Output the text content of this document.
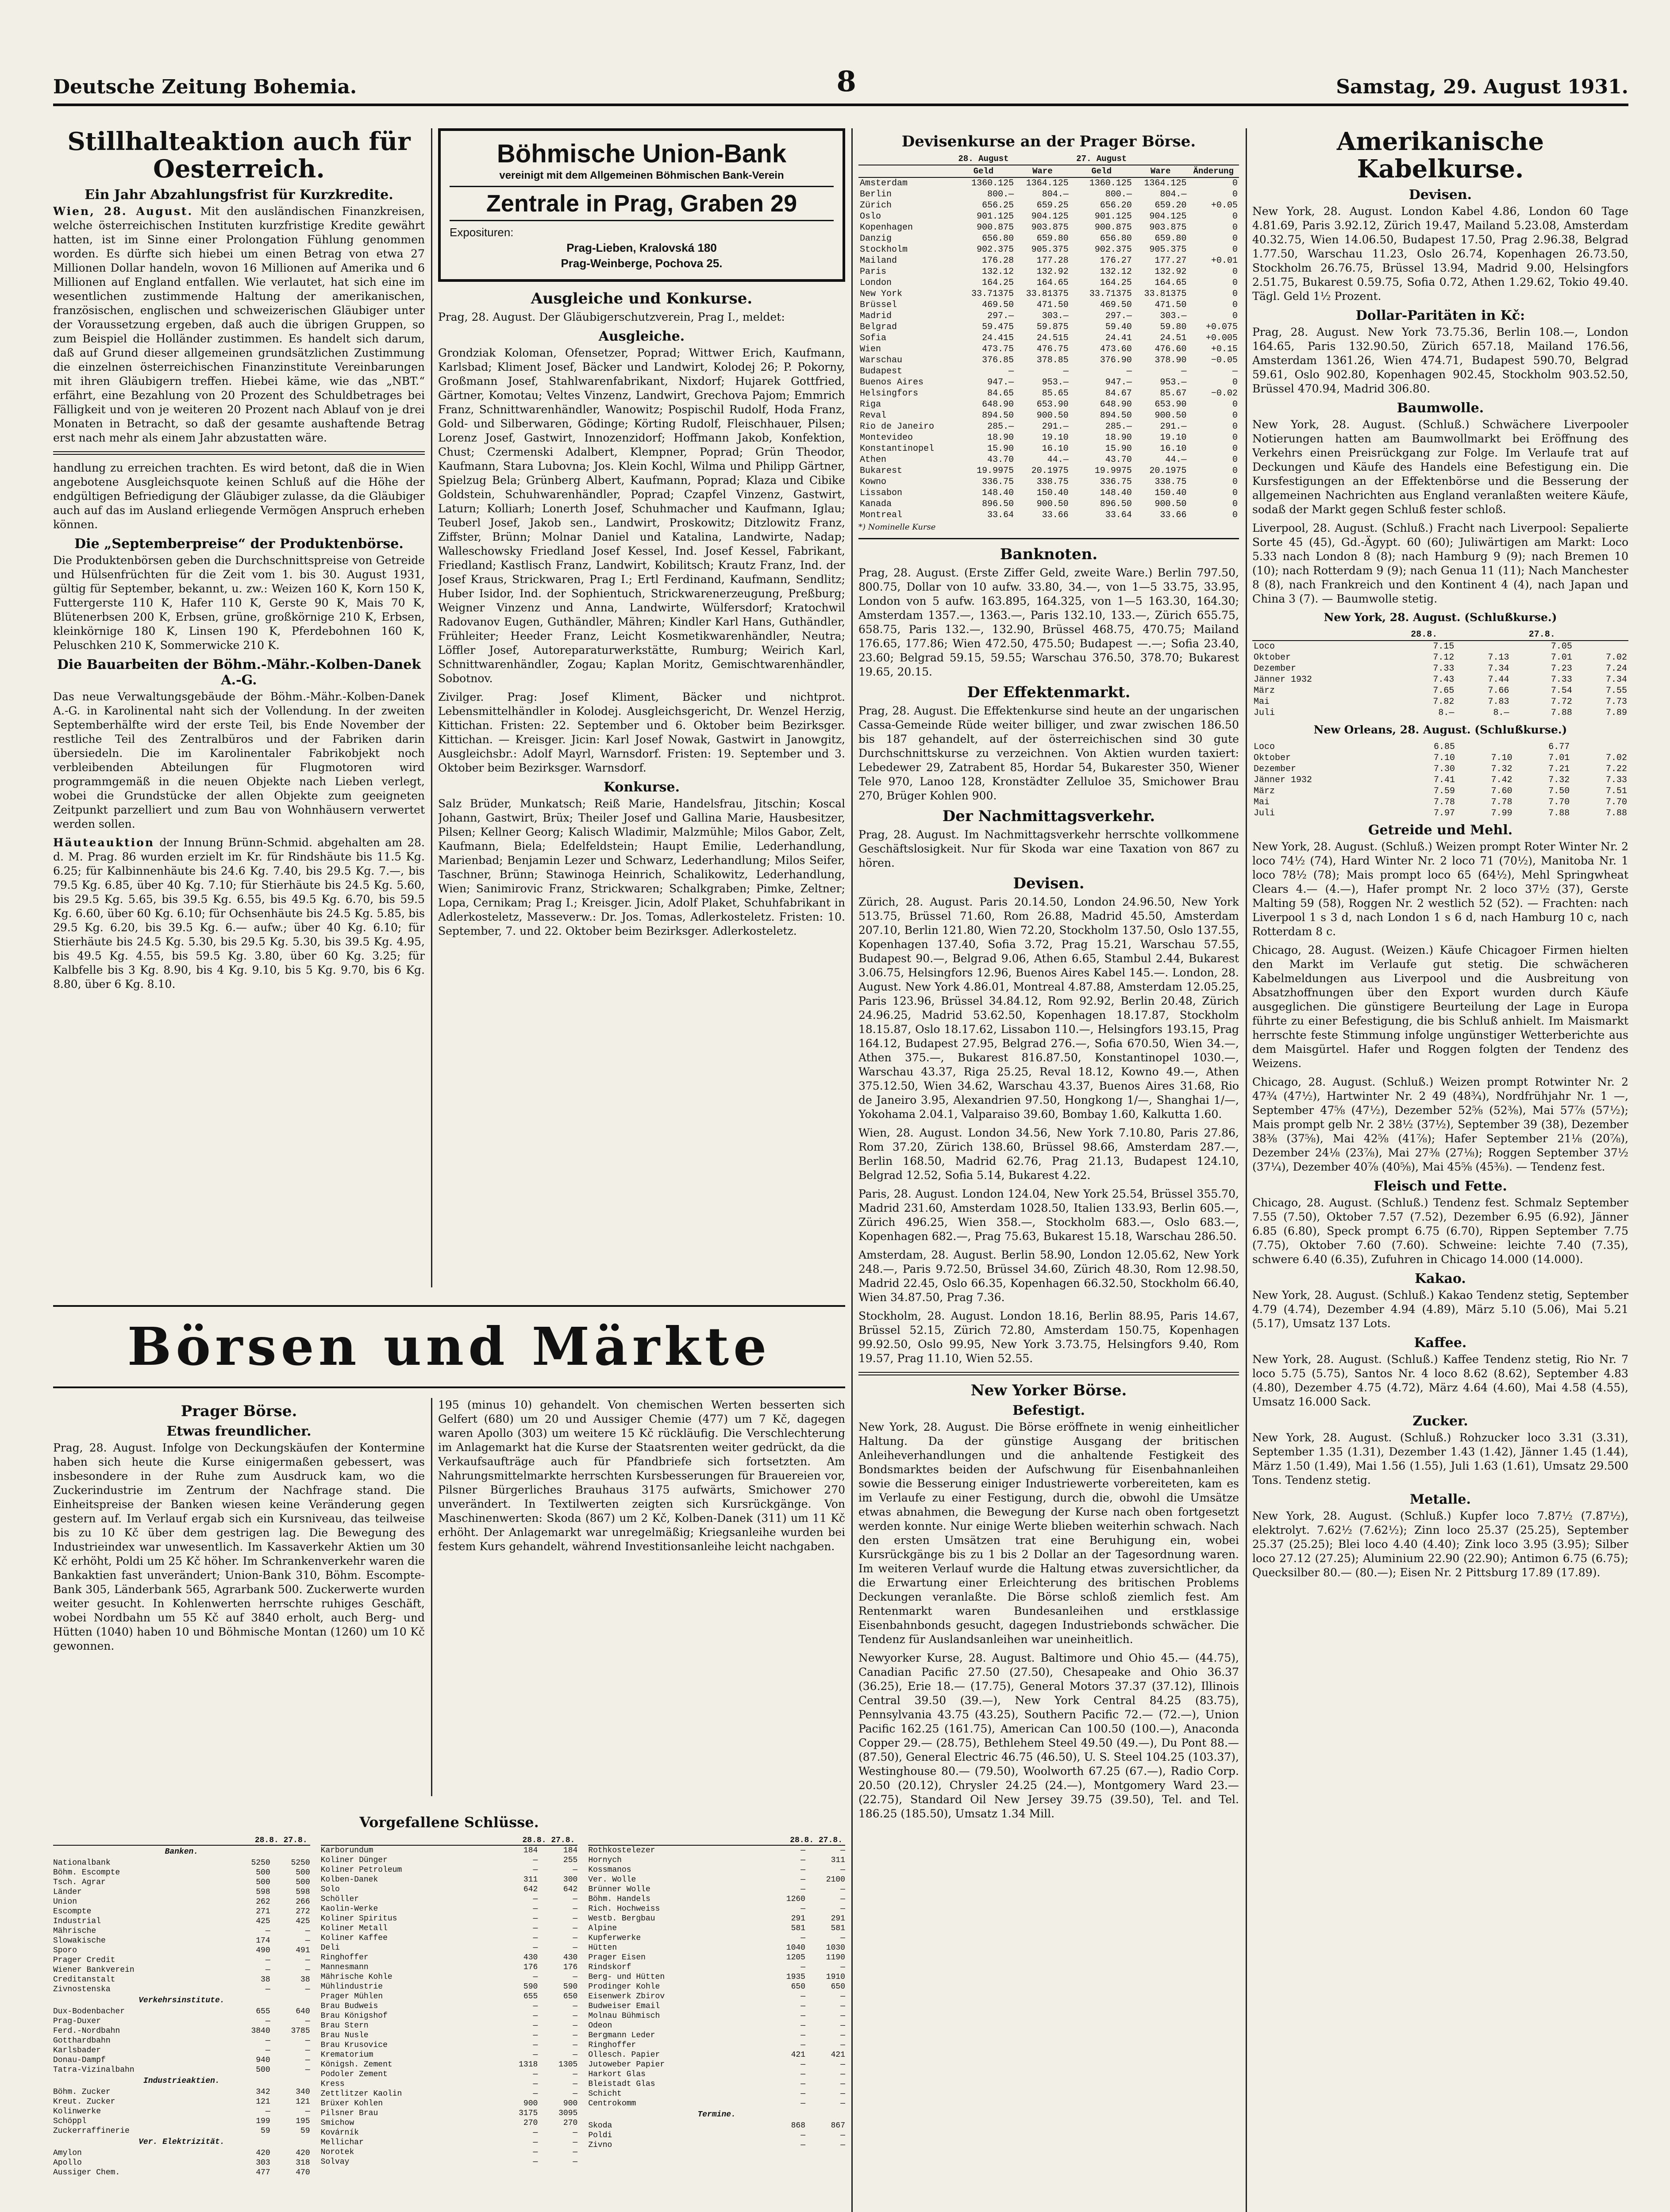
Deutsche Zeitung Bohemia.	8	Samstag, 29. August 1931.
Stillhalteaktion auch für Oesterreich.
Ein Jahr Abzahlungsfrist für Kurzkredite.

Wien, 28. August. Mit den ausländischen Finanzkreisen, welche österreichischen Instituten kurzfristige Kredite gewährt hatten, ist im Sinne einer Prolongation Fühlung genommen worden. Es dürfte sich hiebei um einen Betrag von etwa 27 Millionen Dollar handeln, wovon 16 Millionen auf Amerika und 6 Millionen auf England entfallen. Wie verlautet, hat sich eine im wesentlichen zustimmende Haltung der amerikanischen, französischen, englischen und schweizerischen Gläubiger unter der Voraussetzung ergeben, daß auch die übrigen Gruppen, so zum Beispiel die Holländer zustimmen. Es handelt sich darum, daß auf Grund dieser allgemeinen grundsätzlichen Zustimmung die einzelnen österreichischen Finanzinstitute Vereinbarungen mit ihren Gläubigern treffen. Hiebei käme, wie das „NBT.“ erfährt, eine Bezahlung von 20 Prozent des Schuldbetrages bei Fälligkeit und von je weiteren 20 Prozent nach Ablauf von je drei Monaten in Betracht, so daß der gesamte aushaftende Betrag erst nach mehr als einem Jahr abzustatten wäre.

handlung zu erreichen trachten. Es wird betont, daß die in Wien angebotene Ausgleichsquote keinen Schluß auf die Höhe der endgültigen Befriedigung der Gläubiger zulasse, da die Gläubiger auch auf das im Ausland erliegende Vermögen Anspruch erheben können.

Die „Septemberpreise“ der Produktenbörse.

Die Produktenbörsen geben die Durchschnittspreise von Getreide und Hülsenfrüchten für die Zeit vom 1. bis 30. August 1931, gültig für September, bekannt, u. zw.: Weizen 160 K, Korn 150 K, Futtergerste 110 K, Hafer 110 K, Gerste 90 K, Mais 70 K, Blütenerbsen 200 K, Erbsen, grüne, großkörnige 210 K, Erbsen, kleinkörnige 180 K, Linsen 190 K, Pferdebohnen 160 K, Peluschken 210 K, Sommerwicke 210 K.

Die Bauarbeiten der Böhm.-Mähr.-Kolben-Danek A.-G.

Das neue Verwaltungsgebäude der Böhm.-Mähr.-Kolben-Danek A.-G. in Karolinental naht sich der Vollendung. In der zweiten Septemberhälfte wird der erste Teil, bis Ende November der restliche Teil des Zentralbüros und der Fabriken darin übersiedeln. Die im Karolinentaler Fabrikobjekt noch verbleibenden Abteilungen für Flugmotoren wird programmgemäß in die neuen Objekte nach Lieben verlegt, wobei die Grundstücke der allen Objekte zum geeigneten Zeitpunkt parzelliert und zum Bau von Wohnhäusern verwertet werden sollen.

Häuteauktion der Innung Brünn-Schmid. abgehalten am 28. d. M. Prag. 86 wurden erzielt im Kr. für Rindshäute bis 11.5 Kg. 6.25; für Kalbinnenhäute bis 24.6 Kg. 7.40, bis 29.5 Kg. 7.—, bis 79.5 Kg. 6.85, über 40 Kg. 7.10; für Stierhäute bis 24.5 Kg. 5.60, bis 29.5 Kg. 5.65, bis 39.5 Kg. 6.55, bis 49.5 Kg. 6.70, bis 59.5 Kg. 6.60, über 60 Kg. 6.10; für Ochsenhäute bis 24.5 Kg. 5.85, bis 29.5 Kg. 6.20, bis 39.5 Kg. 6.— aufw.; über 40 Kg. 6.10; für Stierhäute bis 24.5 Kg. 5.30, bis 29.5 Kg. 5.30, bis 39.5 Kg. 4.95, bis 49.5 Kg. 4.55, bis 59.5 Kg. 3.80, über 60 Kg. 3.25; für Kalbfelle bis 3 Kg. 8.90, bis 4 Kg. 9.10, bis 5 Kg. 9.70, bis 6 Kg. 8.80, über 6 Kg. 8.10.

Böhmische Union-Bank
vereinigt mit dem Allgemeinen Böhmischen Bank-Verein
Zentrale in Prag, Graben 29
Exposituren:
Prag-Lieben, Kralovská 180
Prag-Weinberge, Pochova 25.
Ausgleiche und Konkurse.

Prag, 28. August. Der Gläubigerschutzverein, Prag I., meldet:

Ausgleiche.

Grondziak Koloman, Ofensetzer, Poprad; Wittwer Erich, Kaufmann, Karlsbad; Kliment Josef, Bäcker und Landwirt, Kolodej 26; P. Pokorny, Großmann Josef, Stahlwarenfabrikant, Nixdorf; Hujarek Gottfried, Gärtner, Komotau; Veltes Vinzenz, Landwirt, Grechova Pajom; Emmrich Franz, Schnittwarenhändler, Wanowitz; Pospischil Rudolf, Hoda Franz, Gold- und Silberwaren, Gödinge; Körting Rudolf, Fleischhauer, Pilsen; Lorenz Josef, Gastwirt, Innozenzidorf; Hoffmann Jakob, Konfektion, Chust; Czermenski Adalbert, Klempner, Poprad; Grün Theodor, Kaufmann, Stara Lubovna; Jos. Klein Kochl, Wilma und Philipp Gärtner, Spielzug Bela; Grünberg Albert, Kaufmann, Poprad; Klaza und Cibike Goldstein, Schuhwarenhändler, Poprad; Czapfel Vinzenz, Gastwirt, Laturn; Kolliarh; Lonerth Josef, Schuhmacher und Kaufmann, Iglau; Teuberl Josef, Jakob sen., Landwirt, Proskowitz; Ditzlowitz Franz, Ziffster, Brünn; Molnar Daniel und Katalina, Landwirte, Nadap; Walleschowsky Friedland Josef Kessel, Ind. Josef Kessel, Fabrikant, Friedland; Kastlisch Franz, Landwirt, Kobilitsch; Krautz Franz, Ind. der Josef Kraus, Strickwaren, Prag I.; Ertl Ferdinand, Kaufmann, Sendlitz; Huber Isidor, Ind. der Sophientuch, Strickwarenerzeugung, Preßburg; Weigner Vinzenz und Anna, Landwirte, Wülfersdorf; Kratochwil Radovanov Eugen, Guthändler, Mähren; Kindler Karl Hans, Guthändler, Frühleiter; Heeder Franz, Leicht Kosmetikwarenhändler, Neutra; Löffler Josef, Autoreparaturwerkstätte, Rumburg; Weirich Karl, Schnittwarenhändler, Zogau; Kaplan Moritz, Gemischtwarenhändler, Sobotnov.

Zivilger. Prag: Josef Kliment, Bäcker und nichtprot. Lebensmittelhändler in Kolodej. Ausgleichsgericht, Dr. Wenzel Herzig, Kittichan. Fristen: 22. September und 6. Oktober beim Bezirksger. Kittichan. — Kreisger. Jicin: Karl Josef Nowak, Gastwirt in Janowgitz, Ausgleichsbr.: Adolf Mayrl, Warnsdorf. Fristen: 19. September und 3. Oktober beim Bezirksger. Warnsdorf.

Konkurse.

Salz Brüder, Munkatsch; Reiß Marie, Handelsfrau, Jitschin; Koscal Johann, Gastwirt, Brüx; Theiler Josef und Gallina Marie, Hausbesitzer, Pilsen; Kellner Georg; Kalisch Wladimir, Malzmühle; Milos Gabor, Zelt, Kaufmann, Biela; Edelfeldstein; Haupt Emilie, Lederhandlung, Marienbad; Benjamin Lezer und Schwarz, Lederhandlung; Milos Seifer, Taschner, Brünn; Stawinoga Heinrich, Schalikowitz, Lederhandlung, Wien; Sanimirovic Franz, Strickwaren; Schalkgraben; Pimke, Zeltner; Lopa, Cernikam; Prag I.; Kreisger. Jicin, Adolf Plaket, Schuhfabrikant in Adlerkosteletz, Masseverw.: Dr. Jos. Tomas, Adlerkosteletz. Fristen: 10. September, 7. und 22. Oktober beim Bezirksger. Adlerkosteletz.

Devisenkurse an der Prager Börse.
	28. August		27. August		
	Geld	Ware	Geld	Ware	Änderung
Amsterdam	1360.125	1364.125	1360.125	1364.125	0
Berlin	800.—	804.—	800.—	804.—	0
Zürich	656.25	659.25	656.20	659.20	+0.05
Oslo	901.125	904.125	901.125	904.125	0
Kopenhagen	900.875	903.875	900.875	903.875	0
Danzig	656.80	659.80	656.80	659.80	0
Stockholm	902.375	905.375	902.375	905.375	0
Mailand	176.28	177.28	176.27	177.27	+0.01
Paris	132.12	132.92	132.12	132.92	0
London	164.25	164.65	164.25	164.65	0
New York	33.71375	33.81375	33.71375	33.81375	0
Brüssel	469.50	471.50	469.50	471.50	0
Madrid	297.—	303.—	297.—	303.—	0
Belgrad	59.475	59.875	59.40	59.80	+0.075
Sofia	24.415	24.515	24.41	24.51	+0.005
Wien	473.75	476.75	473.60	476.60	+0.15
Warschau	376.85	378.85	376.90	378.90	−0.05
Budapest	—	—	—	—	—
Buenos Aires	947.—	953.—	947.—	953.—	0
Helsingfors	84.65	85.65	84.67	85.67	−0.02
Riga	648.90	653.90	648.90	653.90	0
Reval	894.50	900.50	894.50	900.50	0
Rio de Janeiro	285.—	291.—	285.—	291.—	0
Montevideo	18.90	19.10	18.90	19.10	0
Konstantinopel	15.90	16.10	15.90	16.10	0
Athen	43.70	44.—	43.70	44.—	0
Bukarest	19.9975	20.1975	19.9975	20.1975	0
Kowno	336.75	338.75	336.75	338.75	0
Lissabon	148.40	150.40	148.40	150.40	0
Kanada	896.50	900.50	896.50	900.50	0
Montreal	33.64	33.66	33.64	33.66	0
*) Nominelle Kurse
Banknoten.

Prag, 28. August. (Erste Ziffer Geld, zweite Ware.) Berlin 797.50, 800.75, Dollar von 10 aufw. 33.80, 34.—, von 1—5 33.75, 33.95, London von 5 aufw. 163.895, 164.325, von 1—5 163.30, 164.30; Amsterdam 1357.—, 1363.—, Paris 132.10, 133.—, Zürich 655.75, 658.75, Paris 132.—, 132.90, Brüssel 468.75, 470.75; Mailand 176.65, 177.86; Wien 472.50, 475.50; Budapest —.—; Sofia 23.40, 23.60; Belgrad 59.15, 59.55; Warschau 376.50, 378.70; Bukarest 19.65, 20.15.

Der Effektenmarkt.

Prag, 28. August. Die Effektenkurse sind heute an der ungarischen Cassa-Gemeinde Rüde weiter billiger, und zwar zwischen 186.50 bis 187 gehandelt, auf der österreichischen sind 30 gute Durchschnittskurse zu verzeichnen. Von Aktien wurden taxiert: Lebedewer 29, Zatrabent 85, Hordar 54, Bukarester 350, Wiener Tele 970, Lanoo 128, Kronstädter Zelluloe 35, Smichower Brau 270, Brüger Kohlen 900.

Der Nachmittagsverkehr.

Prag, 28. August. Im Nachmittagsverkehr herrschte vollkommene Geschäftslosigkeit. Nur für Skoda war eine Taxation von 867 zu hören.

Devisen.

Zürich, 28. August. Paris 20.14.50, London 24.96.50, New York 513.75, Brüssel 71.60, Rom 26.88, Madrid 45.50, Amsterdam 207.10, Berlin 121.80, Wien 72.20, Stockholm 137.50, Oslo 137.55, Kopenhagen 137.40, Sofia 3.72, Prag 15.21, Warschau 57.55, Budapest 90.—, Belgrad 9.06, Athen 6.65, Stambul 2.44, Bukarest 3.06.75, Helsingfors 12.96, Buenos Aires Kabel 145.—. London, 28. August. New York 4.86.01, Montreal 4.87.88, Amsterdam 12.05.25, Paris 123.96, Brüssel 34.84.12, Rom 92.92, Berlin 20.48, Zürich 24.96.25, Madrid 53.62.50, Kopenhagen 18.17.87, Stockholm 18.15.87, Oslo 18.17.62, Lissabon 110.—, Helsingfors 193.15, Prag 164.12, Budapest 27.95, Belgrad 276.—, Sofia 670.50, Wien 34.—, Athen 375.—, Bukarest 816.87.50, Konstantinopel 1030.—, Warschau 43.37, Riga 25.25, Reval 18.12, Kowno 49.—, Athen 375.12.50, Wien 34.62, Warschau 43.37, Buenos Aires 31.68, Rio de Janeiro 3.95, Alexandrien 97.50, Hongkong 1/—, Shanghai 1/—, Yokohama 2.04.1, Valparaiso 39.60, Bombay 1.60, Kalkutta 1.60.

Wien, 28. August. London 34.56, New York 7.10.80, Paris 27.86, Rom 37.20, Zürich 138.60, Brüssel 98.66, Amsterdam 287.—, Berlin 168.50, Madrid 62.76, Prag 21.13, Budapest 124.10, Belgrad 12.52, Sofia 5.14, Bukarest 4.22.

Paris, 28. August. London 124.04, New York 25.54, Brüssel 355.70, Madrid 231.60, Amsterdam 1028.50, Italien 133.93, Berlin 605.—, Zürich 496.25, Wien 358.—, Stockholm 683.—, Oslo 683.—, Kopenhagen 682.—, Prag 75.63, Bukarest 15.18, Warschau 286.50.

Amsterdam, 28. August. Berlin 58.90, London 12.05.62, New York 248.—, Paris 9.72.50, Brüssel 34.60, Zürich 48.30, Rom 12.98.50, Madrid 22.45, Oslo 66.35, Kopenhagen 66.32.50, Stockholm 66.40, Wien 34.87.50, Prag 7.36.

Stockholm, 28. August. London 18.16, Berlin 88.95, Paris 14.67, Brüssel 52.15, Zürich 72.80, Amsterdam 150.75, Kopenhagen 99.92.50, Oslo 99.95, New York 3.73.75, Helsingfors 9.40, Rom 19.57, Prag 11.10, Wien 52.55.

New Yorker Börse.
Befestigt.

New York, 28. August. Die Börse eröffnete in wenig einheitlicher Haltung. Da der günstige Ausgang der britischen Anleiheverhandlungen und die anhaltende Festigkeit des Bondsmarktes beiden der Aufschwung für Eisenbahnanleihen sowie die Besserung einiger Industriewerte vorbereiteten, kam es im Verlaufe zu einer Festigung, durch die, obwohl die Umsätze etwas abnahmen, die Bewegung der Kurse nach oben fortgesetzt werden konnte. Nur einige Werte blieben weiterhin schwach. Nach den ersten Umsätzen trat eine Beruhigung ein, wobei Kursrückgänge bis zu 1 bis 2 Dollar an der Tagesordnung waren. Im weiteren Verlauf wurde die Haltung etwas zuversichtlicher, da die Erwartung einer Erleichterung des britischen Problems Deckungen veranlaßte. Die Börse schloß ziemlich fest. Am Rentenmarkt waren Bundesanleihen und erstklassige Eisenbahnbonds gesucht, dagegen Industriebonds schwächer. Die Tendenz für Auslandsanleihen war uneinheitlich.

Newyorker Kurse, 28. August. Baltimore und Ohio 45.— (44.75), Canadian Pacific 27.50 (27.50), Chesapeake and Ohio 36.37 (36.25), Erie 18.— (17.75), General Motors 37.37 (37.12), Illinois Central 39.50 (39.—), New York Central 84.25 (83.75), Pennsylvania 43.75 (43.25), Southern Pacific 72.— (72.—), Union Pacific 162.25 (161.75), American Can 100.50 (100.—), Anaconda Copper 29.— (28.75), Bethlehem Steel 49.50 (49.—), Du Pont 88.— (87.50), General Electric 46.75 (46.50), U. S. Steel 104.25 (103.37), Westinghouse 80.— (79.50), Woolworth 67.25 (67.—), Radio Corp. 20.50 (20.12), Chrysler 24.25 (24.—), Montgomery Ward 23.— (22.75), Standard Oil New Jersey 39.75 (39.50), Tel. and Tel. 186.25 (185.50), Umsatz 1.34 Mill.

Amerikanische Kabelkurse.
Devisen.

New York, 28. August. London Kabel 4.86, London 60 Tage 4.81.69, Paris 3.92.12, Zürich 19.47, Mailand 5.23.08, Amsterdam 40.32.75, Wien 14.06.50, Budapest 17.50, Prag 2.96.38, Belgrad 1.77.50, Warschau 11.23, Oslo 26.74, Kopenhagen 26.73.50, Stockholm 26.76.75, Brüssel 13.94, Madrid 9.00, Helsingfors 2.51.75, Bukarest 0.59.75, Sofia 0.72, Athen 1.29.62, Tokio 49.40. Tägl. Geld 1½ Prozent.

Dollar-Paritäten in Kč:

Prag, 28. August. New York 73.75.36, Berlin 108.—, London 164.65, Paris 132.90.50, Zürich 657.18, Mailand 176.56, Amsterdam 1361.26, Wien 474.71, Budapest 590.70, Belgrad 59.61, Oslo 902.80, Kopenhagen 902.45, Stockholm 903.52.50, Brüssel 470.94, Madrid 306.80.

Baumwolle.

New York, 28. August. (Schluß.) Schwächere Liverpooler Notierungen hatten am Baumwollmarkt bei Eröffnung des Verkehrs einen Preisrückgang zur Folge. Im Verlaufe trat auf Deckungen und Käufe des Handels eine Befestigung ein. Die Kursfestigungen an der Effektenbörse und die Besserung der allgemeinen Nachrichten aus England veranlaßten weitere Käufe, sodaß der Markt gegen Schluß fester schloß.

Liverpool, 28. August. (Schluß.) Fracht nach Liverpool: Sepalierte Sorte 45 (45), Gd.-Ägypt. 60 (60); Juliwärtigen am Markt: Loco 5.33 nach London 8 (8); nach Hamburg 9 (9); nach Bremen 10 (10); nach Rotterdam 9 (9); nach Genua 11 (11); Nach Manchester 8 (8), nach Frankreich und den Kontinent 4 (4), nach Japan und China 3 (7). — Baumwolle stetig.

New York, 28. August. (Schlußkurse.)

	28.8.		27.8.	
Loco	7.15		7.05	
Oktober	7.12	7.13	7.01	7.02
Dezember	7.33	7.34	7.23	7.24
Jänner 1932	7.43	7.44	7.33	7.34
März	7.65	7.66	7.54	7.55
Mai	7.82	7.83	7.72	7.73
Juli	8.—	8.—	7.88	7.89

New Orleans, 28. August. (Schlußkurse.)

Loco	6.85		6.77	
Oktober	7.10	7.10	7.01	7.02
Dezember	7.30	7.32	7.21	7.22
Jänner 1932	7.41	7.42	7.32	7.33
März	7.59	7.60	7.50	7.51
Mai	7.78	7.78	7.70	7.70
Juli	7.97	7.99	7.88	7.88
Getreide und Mehl.

New York, 28. August. (Schluß.) Weizen prompt Roter Winter Nr. 2 loco 74½ (74), Hard Winter Nr. 2 loco 71 (70½), Manitoba Nr. 1 loco 78½ (78); Mais prompt loco 65 (64½), Mehl Springwheat Clears 4.— (4.—), Hafer prompt Nr. 2 loco 37½ (37), Gerste Malting 59 (58), Roggen Nr. 2 westlich 52 (52). — Frachten: nach Liverpool 1 s 3 d, nach London 1 s 6 d, nach Hamburg 10 c, nach Rotterdam 8 c.

Chicago, 28. August. (Weizen.) Käufe Chicagoer Firmen hielten den Markt im Verlaufe gut stetig. Die schwächeren Kabelmeldungen aus Liverpool und die Ausbreitung von Absatzhoffnungen über den Export wurden durch Käufe ausgeglichen. Die günstigere Beurteilung der Lage in Europa führte zu einer Befestigung, die bis Schluß anhielt. Im Maismarkt herrschte feste Stimmung infolge ungünstiger Wetterberichte aus dem Maisgürtel. Hafer und Roggen folgten der Tendenz des Weizens.

Chicago, 28. August. (Schluß.) Weizen prompt Rotwinter Nr. 2 47¾ (47½), Hartwinter Nr. 2 49 (48¾), Nordfrühjahr Nr. 1 —, September 47⅝ (47½), Dezember 52⅝ (52⅜), Mai 57⅞ (57½); Mais prompt gelb Nr. 2 38½ (37½), September 39 (38), Dezember 38⅜ (37⅝), Mai 42⅝ (41⅞); Hafer September 21⅛ (20⅞), Dezember 24⅛ (23⅞), Mai 27⅜ (27⅛); Roggen September 37½ (37¼), Dezember 40⅞ (40⅝), Mai 45⅝ (45⅜). — Tendenz fest.

Fleisch und Fette.

Chicago, 28. August. (Schluß.) Tendenz fest. Schmalz September 7.55 (7.50), Oktober 7.57 (7.52), Dezember 6.95 (6.92), Jänner 6.85 (6.80), Speck prompt 6.75 (6.70), Rippen September 7.75 (7.75), Oktober 7.60 (7.60). Schweine: leichte 7.40 (7.35), schwere 6.40 (6.35), Zufuhren in Chicago 14.000 (14.000).

Kakao.

New York, 28. August. (Schluß.) Kakao Tendenz stetig, September 4.79 (4.74), Dezember 4.94 (4.89), März 5.10 (5.06), Mai 5.21 (5.17), Umsatz 137 Lots.

Kaffee.

New York, 28. August. (Schluß.) Kaffee Tendenz stetig, Rio Nr. 7 loco 5.75 (5.75), Santos Nr. 4 loco 8.62 (8.62), September 4.83 (4.80), Dezember 4.75 (4.72), März 4.64 (4.60), Mai 4.58 (4.55), Umsatz 16.000 Sack.

Zucker.

New York, 28. August. (Schluß.) Rohzucker loco 3.31 (3.31), September 1.35 (1.31), Dezember 1.43 (1.42), Jänner 1.45 (1.44), März 1.50 (1.49), Mai 1.56 (1.55), Juli 1.63 (1.61), Umsatz 29.500 Tons. Tendenz stetig.

Metalle.

New York, 28. August. (Schluß.) Kupfer loco 7.87½ (7.87½), elektrolyt. 7.62½ (7.62½); Zinn loco 25.37 (25.25), September 25.37 (25.25); Blei loco 4.40 (4.40); Zink loco 3.95 (3.95); Silber loco 27.12 (27.25); Aluminium 22.90 (22.90); Antimon 6.75 (6.75); Quecksilber 80.— (80.—); Eisen Nr. 2 Pittsburg 17.89 (17.89).

Börsen und Märkte
Prager Börse.
Etwas freundlicher.

Prag, 28. August. Infolge von Deckungskäufen der Kontermine haben sich heute die Kurse einigermaßen gebessert, was insbesondere in der Ruhe zum Ausdruck kam, wo die Zuckerindustrie im Zentrum der Nachfrage stand. Die Einheitspreise der Banken wiesen keine Veränderung gegen gestern auf. Im Verlauf ergab sich ein Kursniveau, das teilweise bis zu 10 Kč über dem gestrigen lag. Die Bewegung des Industrieindex war unwesentlich. Im Kassaverkehr Aktien um 30 Kč erhöht, Poldi um 25 Kč höher. Im Schrankenverkehr waren die Bankaktien fast unverändert; Union-Bank 310, Böhm. Escompte-Bank 305, Länderbank 565, Agrarbank 500. Zuckerwerte wurden weiter gesucht. In Kohlenwerten herrschte ruhiges Geschäft, wobei Nordbahn um 55 Kč auf 3840 erholt, auch Berg- und Hütten (1040) haben 10 und Böhmische Montan (1260) um 10 Kč gewonnen.

195 (minus 10) gehandelt. Von chemischen Werten besserten sich Gelfert (680) um 20 und Aussiger Chemie (477) um 7 Kč, dagegen waren Apollo (303) um weitere 15 Kč rückläufig. Die Verschlechterung im Anlagemarkt hat die Kurse der Staatsrenten weiter gedrückt, da die Verkaufsaufträge auch für Pfandbriefe sich fortsetzten. Am Nahrungsmittelmarkte herrschten Kursbesserungen für Brauereien vor, Pilsner Bürgerliches Brauhaus 3175 aufwärts, Smichower 270 unverändert. In Textilwerten zeigten sich Kursrückgänge. Von Maschinenwerten: Skoda (867) um 2 Kč, Kolben-Danek (311) um 11 Kč erhöht. Der Anlagemarkt war unregelmäßig; Kriegsanleihe wurden bei festem Kurs gehandelt, während Investitionsanleihe leicht nachgaben.

Vorgefallene Schlüsse.
28.8. 27.8.
Banken.
Nationalbank	5250	5250
Böhm. Escompte	500	500
Tsch. Agrar	500	500
Länder	598	598
Union	262	266
Escompte	271	272
Industrial	425	425
Mährische	—	—
Slowakische	174	—
Sporo	490	491
Prager Credit	—	—
Wiener Bankverein	—	—
Creditanstalt	38	38
Zivnostenska	—	—
Verkehrsinstitute.
Dux-Bodenbacher	655	640
Prag-Duxer	—	—
Ferd.-Nordbahn	3840	3785
Gotthardbahn	—	—
Karlsbader	—	—
Donau-Dampf	940	—
Tatra-Vizinalbahn	500	—
Industrieaktien.
Böhm. Zucker	342	340
Kreut. Zucker	121	121
Kolinwerke	—	—
Schöppl	199	195
Zuckerraffinerie	59	59
Ver. Elektrizität.
Amylon	420	420
Apollo	303	318
Aussiger Chem.	477	470
28.8. 27.8.
Karborundum	184	184
Koliner Dünger	—	255
Koliner Petroleum	—	—
Kolben-Danek	311	300
Solo	642	642
Schöller	—	—
Kaolin-Werke	—	—
Koliner Spiritus	—	—
Koliner Metall	—	—
Koliner Kaffee	—	—
Deli	—	—
Ringhoffer	430	430
Mannesmann	176	176
Mährische Kohle	—	—
Mühlindustrie	590	590
Prager Mühlen	655	650
Brau Budweis	—	—
Brau Königshof	—	—
Brau Stern	—	—
Brau Nusle	—	—
Brau Krusovice	—	—
Krematorium	—	—
Königsh. Zement	1318	1305
Podoler Zement	—	—
Kress	—	—
Zettlitzer Kaolin	—	—
Brüxer Kohlen	900	900
Pilsner Brau	3175	3095
Smichow	270	270
Kovárník	—	—
Mellichar	—	—
Norotek	—	—
Solvay	—	—
28.8. 27.8.
Rothkostelezer	—	—
Hornych	—	311
Kossmanos	—	—
Ver. Wolle	—	2100
Brünner Wolle	—	—
Böhm. Handels	1260	—
Rich. Hochweiss	—	—
Westb. Bergbau	291	291
Alpine	581	581
Kupferwerke	—	—
Hütten	1040	1030
Prager Eisen	1205	1190
Rindskorf	—	—
Berg- und Hütten	1935	1910
Prodinger Kohle	650	650
Eisenwerk Zbirov	—	—
Budweiser Email	—	—
Molnau Bühmisch	—	—
Odeon	—	—
Bergmann Leder	—	—
Ringhoffer	—	—
Ollesch. Papier	421	421
Jutoweber Papier	—	—
Harkort Glas	—	—
Bleistadt Glas	—	—
Schicht	—	—
Centrokomm	—	—
Termine.
Skoda	868	867
Poldi	—	—
Zivno	—	—
